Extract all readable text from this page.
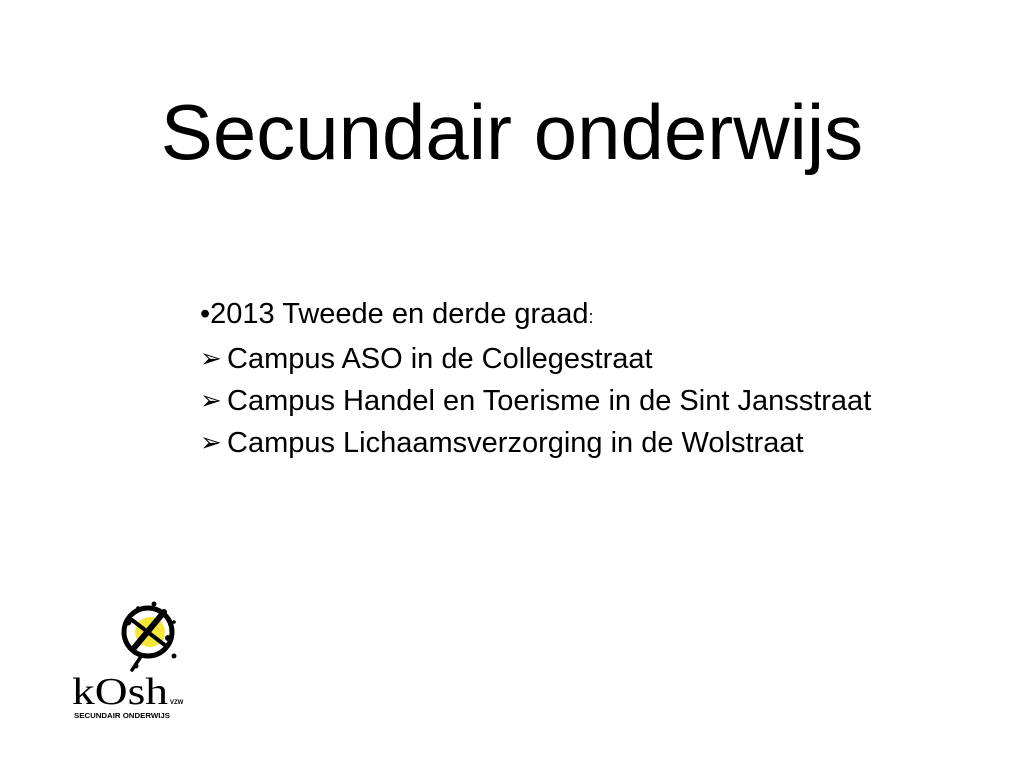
Secundair onderwijs
•2013 Tweede en derde graad:
➢ Campus ASO in de Collegestraat
➢ Campus Handel en Toerisme in de Sint Jansstraat
➢ Campus Lichaamsverzorging in de Wolstraat
kOsh VZW
SECUNDAIR ONDERWIJS
